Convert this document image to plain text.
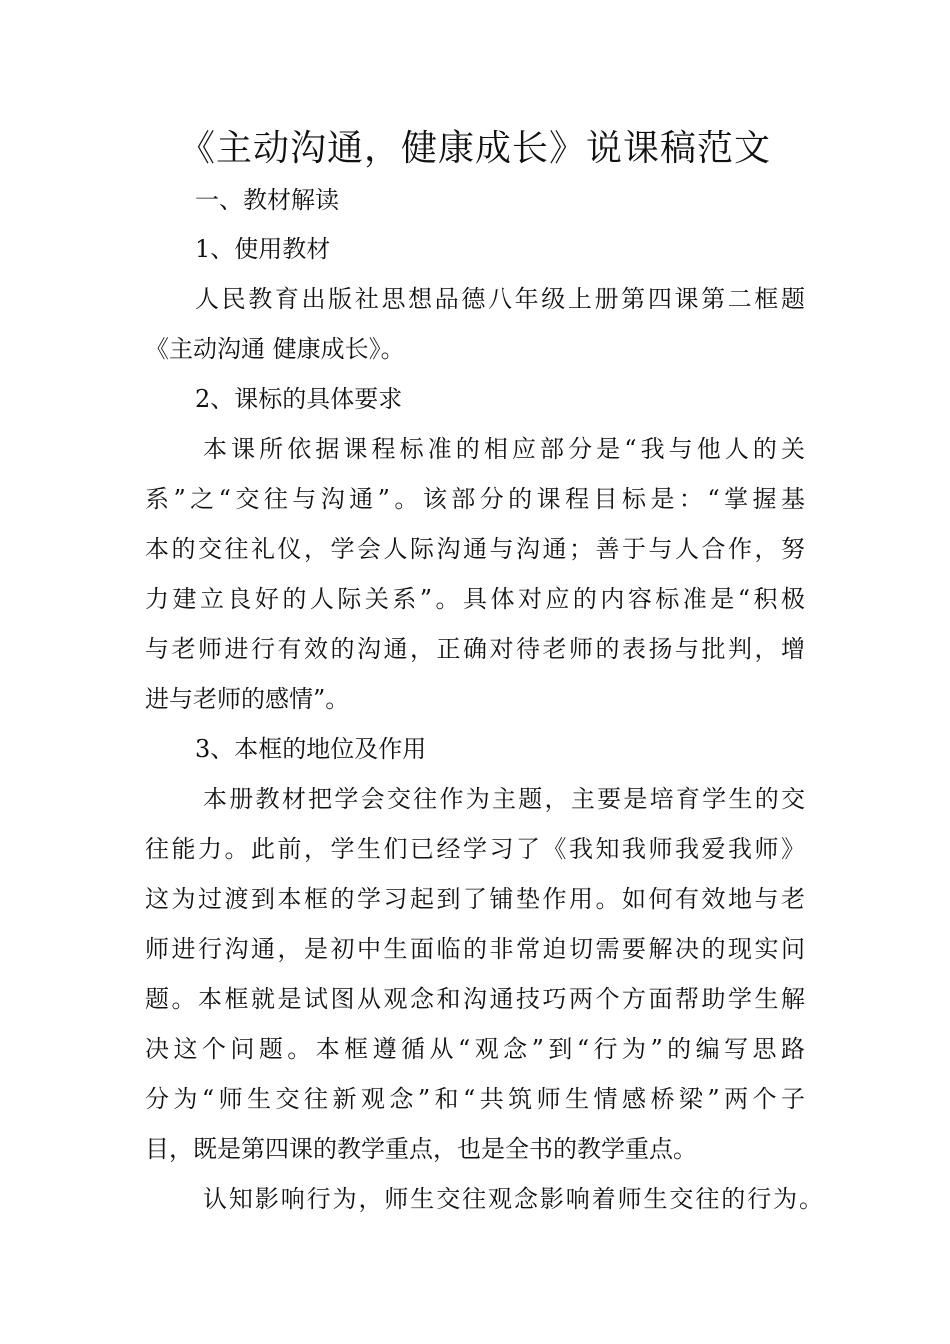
《主动沟通，健康成长》说课稿范文
一、教材解读
1、使用教材
人民教育出版社思想品德八年级上册第四课第二框题
《主动沟通 健康成长》。
2、课标的具体要求
本课所依据课程标准的相应部分是“我与他人的关
系”之“交往与沟通”。该部分的课程目标是：“掌握基
本的交往礼仪，学会人际沟通与沟通；善于与人合作，努
力建立良好的人际关系”。具体对应的内容标准是“积极
与老师进行有效的沟通，正确对待老师的表扬与批判，增
进与老师的感情”。
3、本框的地位及作用
本册教材把学会交往作为主题，主要是培育学生的交
往能力。此前，学生们已经学习了《我知我师我爱我师》
这为过渡到本框的学习起到了铺垫作用。如何有效地与老
师进行沟通，是初中生面临的非常迫切需要解决的现实问
题。本框就是试图从观念和沟通技巧两个方面帮助学生解
决这个问题。本框遵循从“观念”到“行为”的编写思路
分为“师生交往新观念”和“共筑师生情感桥梁”两个子
目，既是第四课的教学重点，也是全书的教学重点。
认知影响行为，师生交往观念影响着师生交往的行为。
